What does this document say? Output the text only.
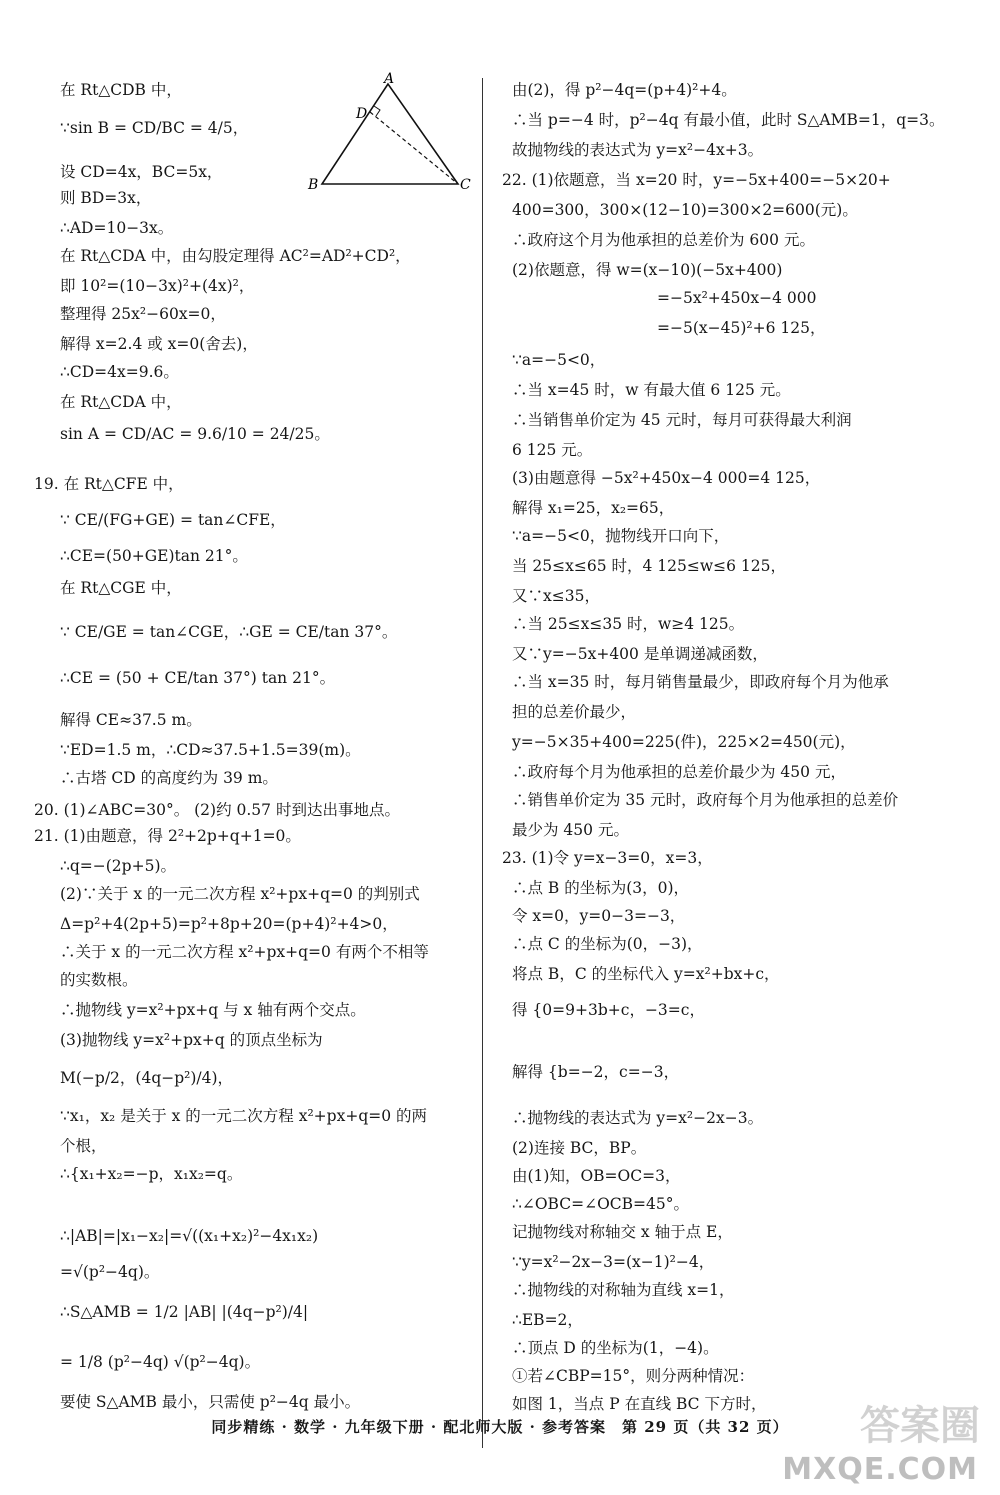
在 Rt△CDB 中，
∵sin B = CD/BC = 4/5，
设 CD=4x，BC=5x，
则 BD=3x，
∴AD=10−3x。
在 Rt△CDA 中，由勾股定理得 AC²=AD²+CD²，
即 10²=(10−3x)²+(4x)²，
整理得 25x²−60x=0，
解得 x=2.4 或 x=0(舍去)，
∴CD=4x=9.6。
在 Rt△CDA 中，
sin A = CD/AC = 9.6/10 = 24/25。
19. 在 Rt△CFE 中，
∵ CE/(FG+GE) = tan∠CFE，
∴CE=(50+GE)tan 21°。
在 Rt△CGE 中，
∵ CE/GE = tan∠CGE，∴GE = CE/tan 37°。
∴CE = (50 + CE/tan 37°) tan 21°。
解得 CE≈37.5 m。
∵ED=1.5 m，∴CD≈37.5+1.5=39(m)。
∴古塔 CD 的高度约为 39 m。
20. (1)∠ABC=30°。 (2)约 0.57 时到达出事地点。
21. (1)由题意，得 2²+2p+q+1=0。
∴q=−(2p+5)。
(2)∵关于 x 的一元二次方程 x²+px+q=0 的判别式
Δ=p²+4(2p+5)=p²+8p+20=(p+4)²+4>0，
∴关于 x 的一元二次方程 x²+px+q=0 有两个不相等
的实数根。
∴抛物线 y=x²+px+q 与 x 轴有两个交点。
(3)抛物线 y=x²+px+q 的顶点坐标为
M(−p/2，(4q−p²)/4)，
∵x₁，x₂ 是关于 x 的一元二次方程 x²+px+q=0 的两
个根，
∴{x₁+x₂=−p，x₁x₂=q。
∴|AB|=|x₁−x₂|=√((x₁+x₂)²−4x₁x₂)
=√(p²−4q)。
∴S△AMB = 1/2 |AB| |(4q−p²)/4|
= 1/8 (p²−4q) √(p²−4q)。
要使 S△AMB 最小，只需使 p²−4q 最小。
由(2)，得 p²−4q=(p+4)²+4。
∴当 p=−4 时，p²−4q 有最小值，此时 S△AMB=1，q=3。
故抛物线的表达式为 y=x²−4x+3。
22. (1)依题意，当 x=20 时，y=−5x+400=−5×20+
400=300，300×(12−10)=300×2=600(元)。
∴政府这个月为他承担的总差价为 600 元。
(2)依题意，得 w=(x−10)(−5x+400)
=−5x²+450x−4 000
=−5(x−45)²+6 125，
∵a=−5<0，
∴当 x=45 时，w 有最大值 6 125 元。
∴当销售单价定为 45 元时，每月可获得最大利润
6 125 元。
(3)由题意得 −5x²+450x−4 000=4 125，
解得 x₁=25，x₂=65，
∵a=−5<0，抛物线开口向下，
当 25≤x≤65 时，4 125≤w≤6 125，
又∵x≤35，
∴当 25≤x≤35 时，w≥4 125。
又∵y=−5x+400 是单调递减函数，
∴当 x=35 时，每月销售量最少，即政府每个月为他承
担的总差价最少，
y=−5×35+400=225(件)，225×2=450(元)，
∴政府每个月为他承担的总差价最少为 450 元，
∴销售单价定为 35 元时，政府每个月为他承担的总差价
最少为 450 元。
23. (1)令 y=x−3=0，x=3，
∴点 B 的坐标为(3，0)，
令 x=0，y=0−3=−3，
∴点 C 的坐标为(0，−3)，
将点 B，C 的坐标代入 y=x²+bx+c，
得 {0=9+3b+c，−3=c，
解得 {b=−2，c=−3，
∴抛物线的表达式为 y=x²−2x−3。
(2)连接 BC，BP。
由(1)知，OB=OC=3，
∴∠OBC=∠OCB=45°。
记抛物线对称轴交 x 轴于点 E，
∵y=x²−2x−3=(x−1)²−4，
∴抛物线的对称轴为直线 x=1，
∴EB=2，
∴顶点 D 的坐标为(1，−4)。
①若∠CBP=15°，则分两种情况：
如图 1，当点 P 在直线 BC 下方时，
A
B	C
D
同步精练 · 数学 · 九年级下册 · 配北师大版 · 参考答案　第 29 页（共 32 页）	答案圈
MXQE.COM
